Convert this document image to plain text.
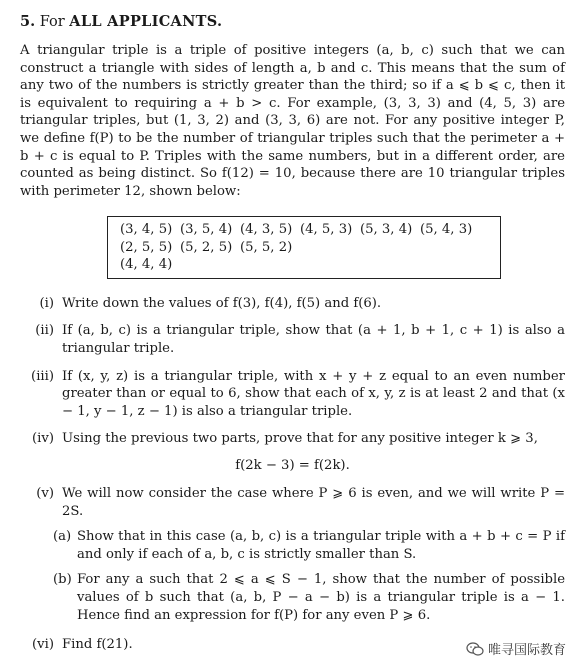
5. For ALL APPLICANTS.

A triangular triple is a triple of positive integers (a, b, c) such that we can construct a triangle with sides of length a, b and c. This means that the sum of any two of the numbers is strictly greater than the third; so if a ⩽ b ⩽ c, then it is equivalent to requiring a + b > c. For example, (3, 3, 3) and (4, 5, 3) are triangular triples, but (1, 3, 2) and (3, 3, 6) are not. For any positive integer P, we define f(P) to be the number of triangular triples such that the perimeter a + b + c is equal to P. Triples with the same numbers, but in a different order, are counted as being distinct. So f(12) = 10, because there are 10 triangular triples with perimeter 12, shown below:

(3, 4, 5) (3, 5, 4) (4, 3, 5) (4, 5, 3) (5, 3, 4) (5, 4, 3)
(2, 5, 5) (5, 2, 5) (5, 5, 2)
(4, 4, 4)
(i) Write down the values of f(3), f(4), f(5) and f(6).
(ii) If (a, b, c) is a triangular triple, show that (a + 1, b + 1, c + 1) is also a triangular triple.
(iii) If (x, y, z) is a triangular triple, with x + y + z equal to an even number greater than or equal to 6, show that each of x, y, z is at least 2 and that (x − 1, y − 1, z − 1) is also a triangular triple.
(iv) Using the previous two parts, prove that for any positive integer k ⩾ 3,
f(2k − 3) = f(2k).
(v) We will now consider the case where P ⩾ 6 is even, and we will write P = 2S.
(a) Show that in this case (a, b, c) is a triangular triple with a + b + c = P if and only if each of a, b, c is strictly smaller than S.
(b) For any a such that 2 ⩽ a ⩽ S − 1, show that the number of possible values of b such that (a, b, P − a − b) is a triangular triple is a − 1. Hence find an expression for f(P) for any even P ⩾ 6.
(vi) Find f(21).	唯寻国际教育
